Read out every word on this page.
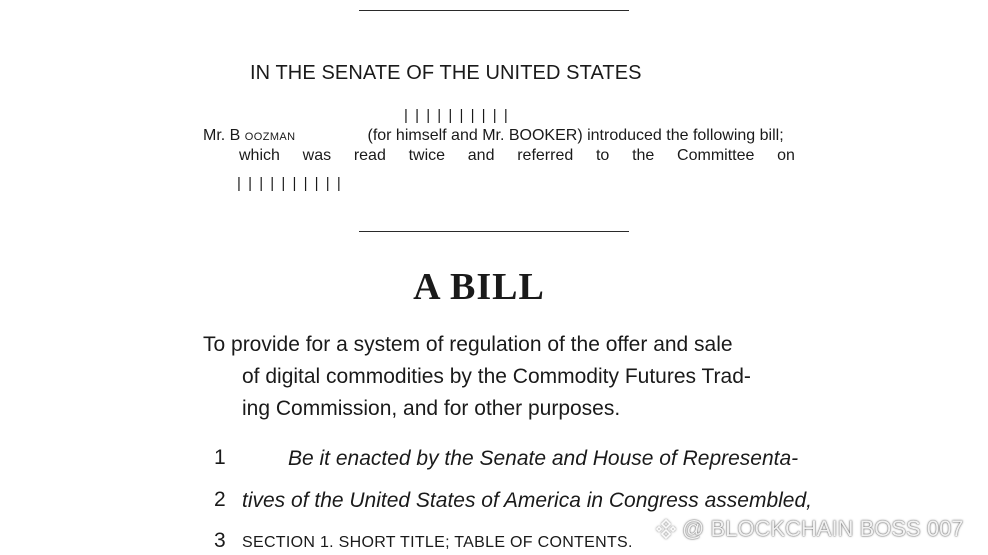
IN THE SENATE OF THE UNITED STATES
||||||||||
Mr. B OOZMAN	(for himself and Mr. BOOKER) introduced the following bill;
which was read twice and referred to the Committee on
||||||||||
A BILL
To provide for a system of regulation of the offer and sale
of digital commodities by the Commodity Futures Trad-
ing Commission, and for other purposes.
1	Be it enacted by the Senate and House of Representa-
2 tives of the United States of America in Congress assembled,
3 SECTION 1. SHORT TITLE; TABLE OF CONTENTS.
@ BLOCKCHAIN BOSS 007
